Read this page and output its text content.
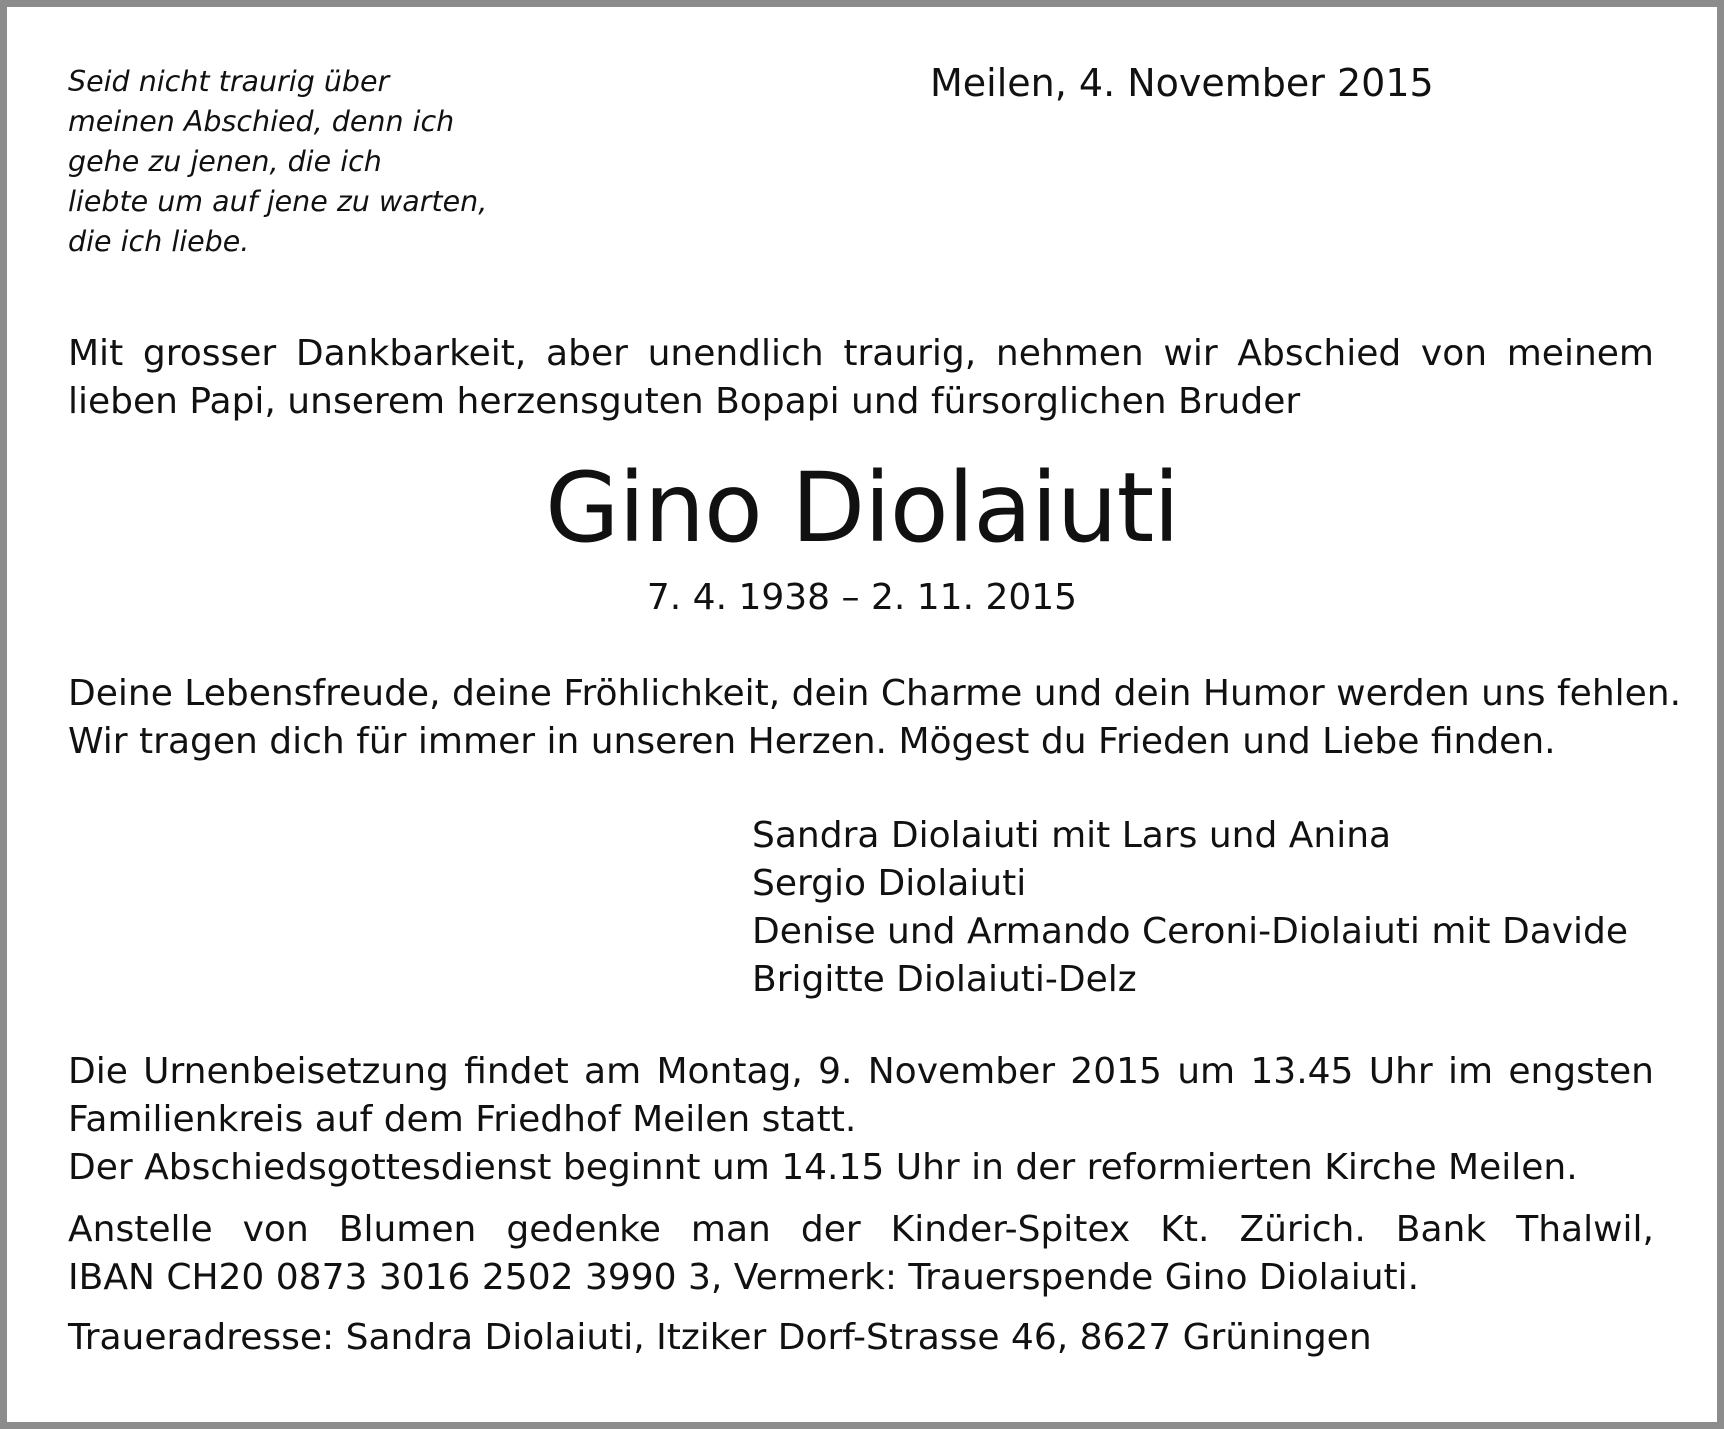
Seid nicht traurig über
meinen Abschied, denn ich
gehe zu jenen, die ich
liebte um auf jene zu warten,
die ich liebe.
Meilen, 4. November 2015
Mit grosser Dankbarkeit, aber unendlich traurig, nehmen wir Abschied von meinem
lieben Papi, unserem herzensguten Bopapi und fürsorglichen Bruder
Gino Diolaiuti
7. 4. 1938 – 2. 11. 2015
Deine Lebensfreude, deine Fröhlichkeit, dein Charme und dein Humor werden uns fehlen.
Wir tragen dich für immer in unseren Herzen. Mögest du Frieden und Liebe finden.
Sandra Diolaiuti mit Lars und Anina
Sergio Diolaiuti
Denise und Armando Ceroni-Diolaiuti mit Davide
Brigitte Diolaiuti-Delz
Die Urnenbeisetzung findet am Montag, 9. November 2015 um 13.45 Uhr im engsten
Familienkreis auf dem Friedhof Meilen statt.
Der Abschiedsgottesdienst beginnt um 14.15 Uhr in der reformierten Kirche Meilen.
Anstelle von Blumen gedenke man der Kinder-Spitex Kt. Zürich. Bank Thalwil,
IBAN CH20 0873 3016 2502 3990 3, Vermerk: Trauerspende Gino Diolaiuti.
Traueradresse: Sandra Diolaiuti, Itziker Dorf-Strasse 46, 8627 Grüningen
